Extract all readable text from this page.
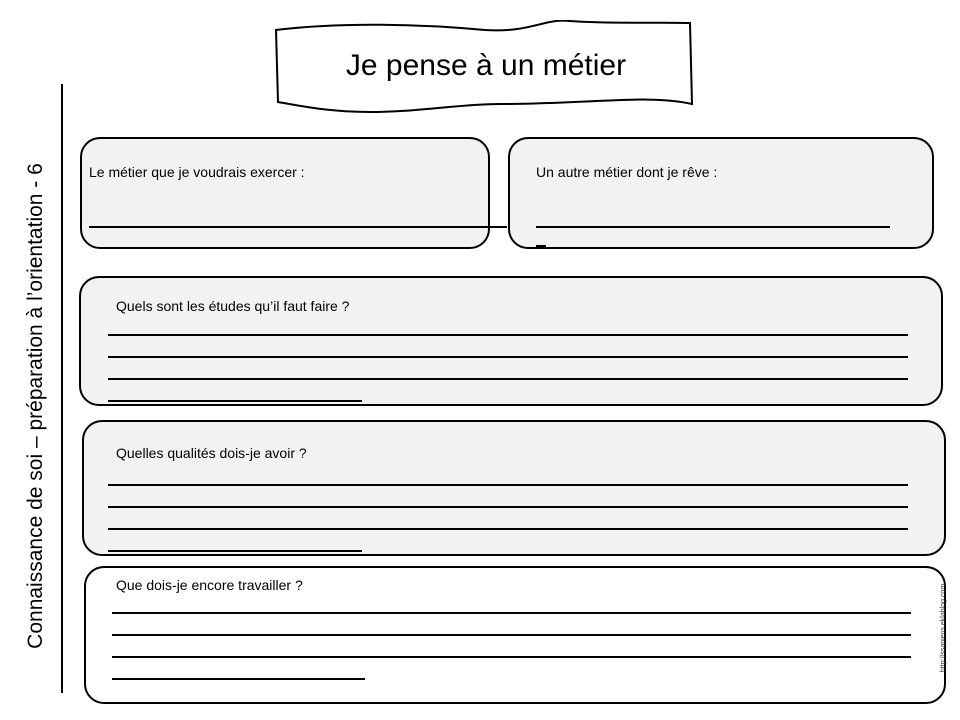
Je pense à un métier
Connaissance de soi – préparation à l’orientation - 6	Le métier que je voudrais exercer :	Un autre métier dont je rêve :
Quels sont les études qu’il faut faire ?
Quelles qualités dois-je avoir ?
Que dois-je encore travailler ?	http://ssapiens.eklablog.com
